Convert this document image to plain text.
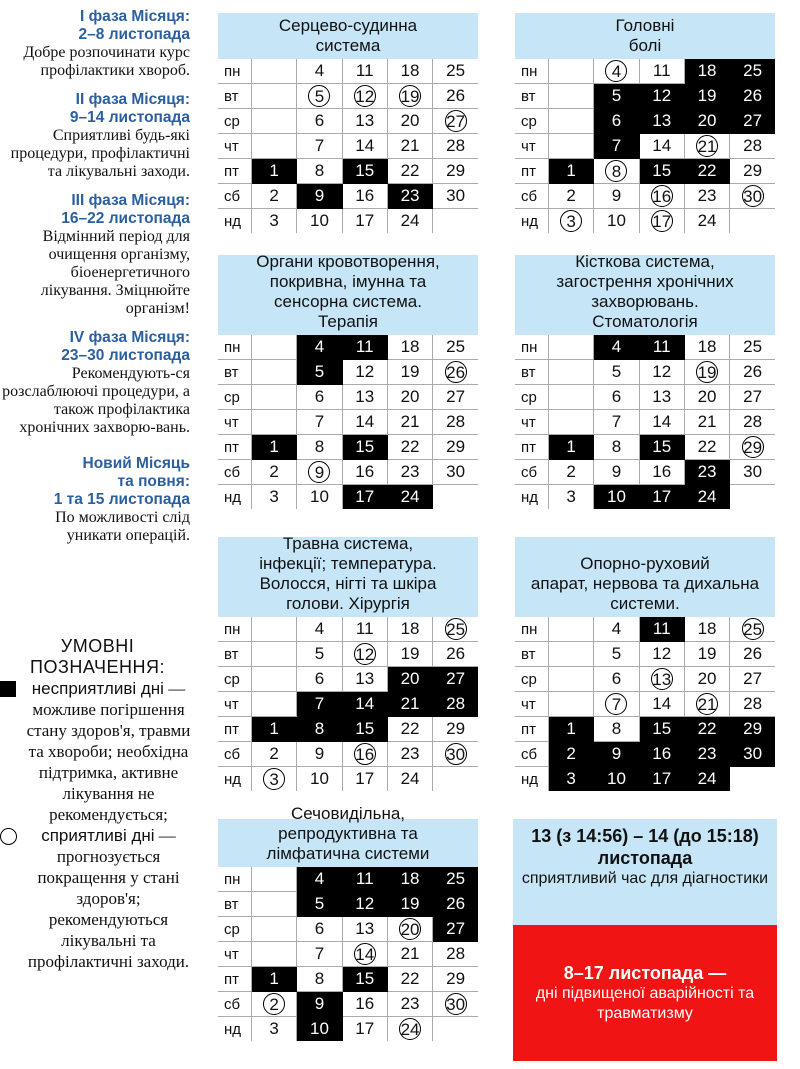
I фаза Місяця:
2–8 листопада
Добре розпочинати курс профілактики хвороб.
II фаза Місяця:
9–14 листопада
Сприятливі будь-які процедури, профілактичні та лікувальні заходи.
III фаза Місяця:
16–22 листопада
Відмінний період для очищення організму, біоенергетичного лікування. Зміцнюйте організм!
IV фаза Місяця:
23–30 листопада
Рекомендують-ся розслаблюючі процедури, а також профілактика хронічних захворю-вань.
Новий Місяць
та повня:
1 та 15 листопада
По можливості слід уникати операцій.
УМОВНІ ПОЗНАЧЕННЯ:
несприятливі дні — можливе погіршення стану здоров'я, травми та хвороби; необхідна підтримка, активне лікування не рекомендується;
сприятливі дні — прогнозується покращення у стані здоров'я; рекомендуються лікувальні та профілактичні заходи.
Серцево-судинна
система
пн		4	11	18	25
вт		5	12	19	26
ср		6	13	20	27
чт		7	14	21	28
пт	1	8	15	22	29
сб	2	9	16	23	30
нд	3	10	17	24	
Головні
болі
пн		4	11	18	25
вт		5	12	19	26
ср		6	13	20	27
чт		7	14	21	28
пт	1	8	15	22	29
сб	2	9	16	23	30
нд	3	10	17	24	
Органи кровотворення,
покривна, імунна та
сенсорна система.
Терапія
пн		4	11	18	25
вт		5	12	19	26
ср		6	13	20	27
чт		7	14	21	28
пт	1	8	15	22	29
сб	2	9	16	23	30
нд	3	10	17	24	
Кісткова система,
загострення хронічних
захворювань.
Стоматологія
пн		4	11	18	25
вт		5	12	19	26
ср		6	13	20	27
чт		7	14	21	28
пт	1	8	15	22	29
сб	2	9	16	23	30
нд	3	10	17	24	
Травна система,
інфекції; температура.
Волосся, нігті та шкіра
голови. Хірургія
пн		4	11	18	25
вт		5	12	19	26
ср		6	13	20	27
чт		7	14	21	28
пт	1	8	15	22	29
сб	2	9	16	23	30
нд	3	10	17	24	
Опорно-руховий
апарат, нервова та дихальна
системи.
пн		4	11	18	25
вт		5	12	19	26
ср		6	13	20	27
чт		7	14	21	28
пт	1	8	15	22	29
сб	2	9	16	23	30
нд	3	10	17	24	
Сечовидільна,
репродуктивна та
лімфатична системи
пн		4	11	18	25
вт		5	12	19	26
ср		6	13	20	27
чт		7	14	21	28
пт	1	8	15	22	29
сб	2	9	16	23	30
нд	3	10	17	24	
13 (з 14:56) – 14 (до 15:18) листопада
сприятливий час для діагностики
8–17 листопада —
дні підвищеної аварійності та травматизму
